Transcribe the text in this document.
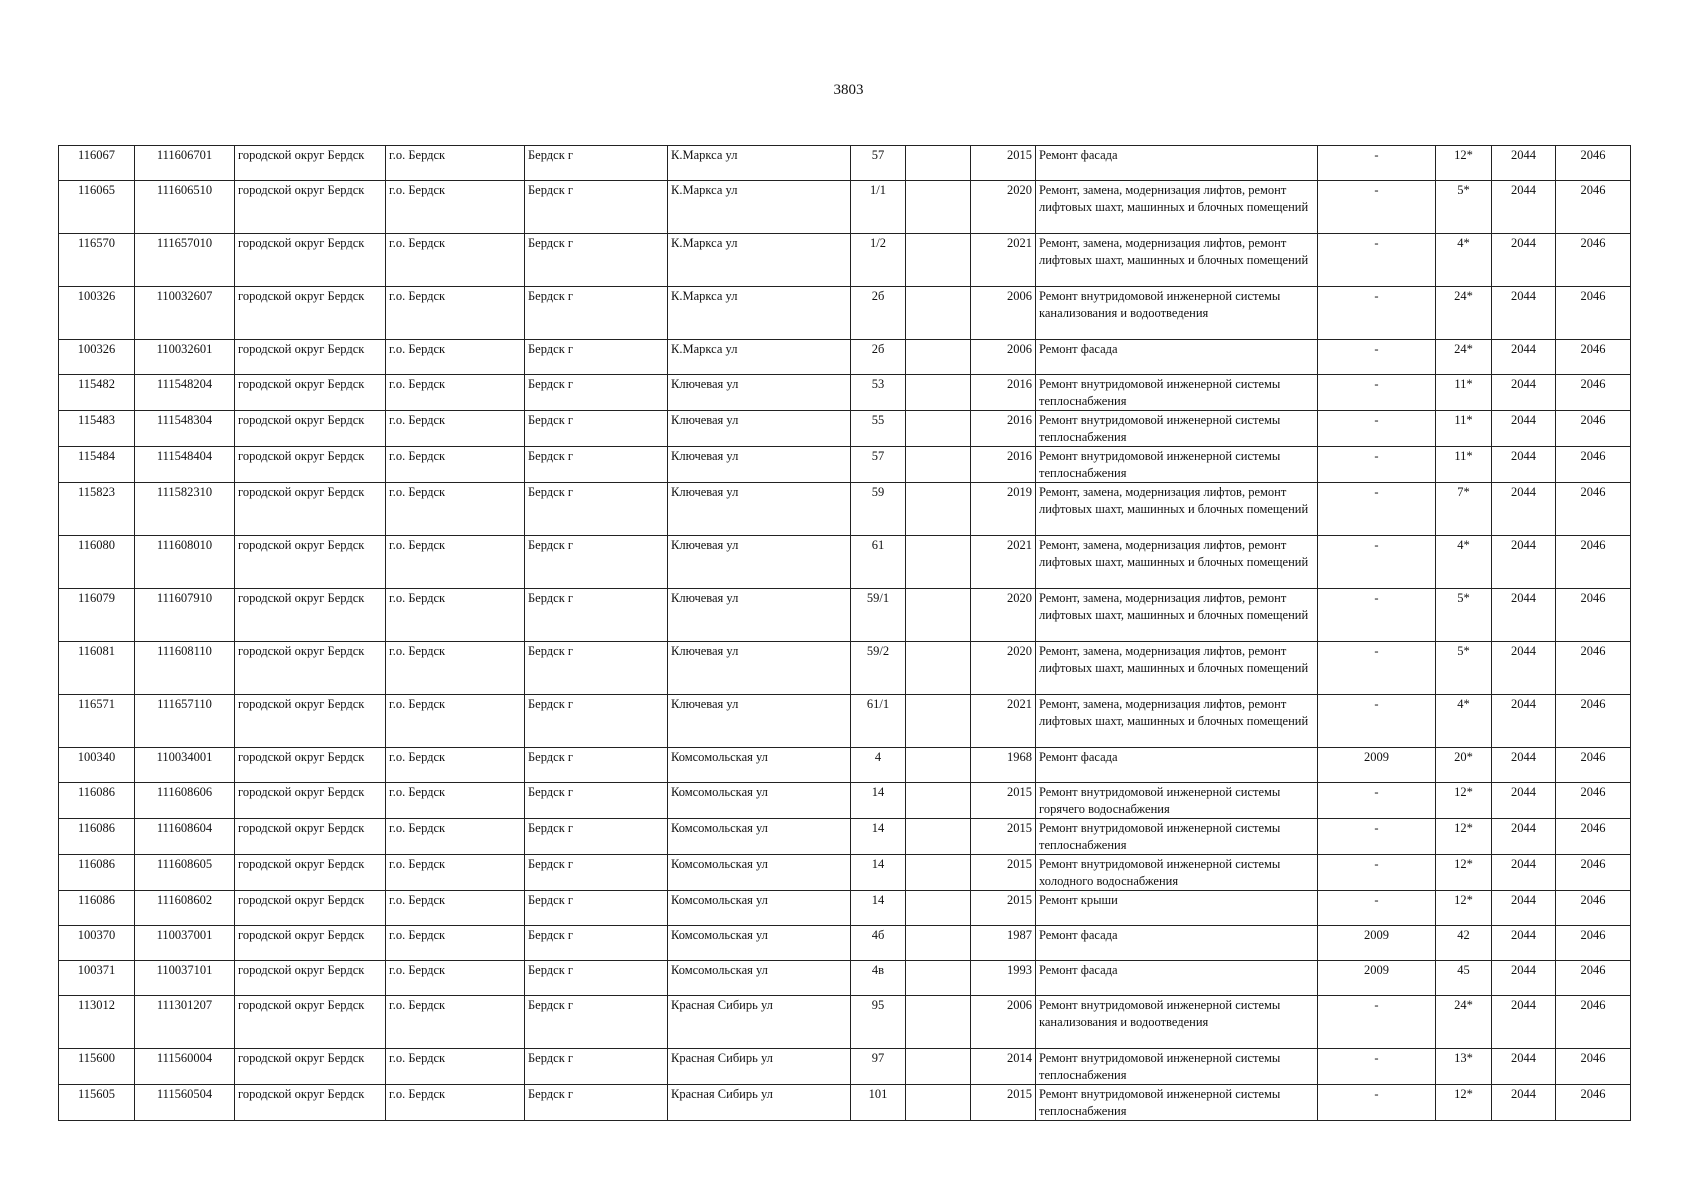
3803
116067	111606701	городской округ Бердск	г.о. Бердск	Бердск г	К.Маркса ул	57		2015	Ремонт фасада	-	12*	2044	2046
116065	111606510	городской округ Бердск	г.о. Бердск	Бердск г	К.Маркса ул	1/1		2020	Ремонт, замена, модернизация лифтов, ремонт лифтовых шахт, машинных и блочных помещений	-	5*	2044	2046
116570	111657010	городской округ Бердск	г.о. Бердск	Бердск г	К.Маркса ул	1/2		2021	Ремонт, замена, модернизация лифтов, ремонт лифтовых шахт, машинных и блочных помещений	-	4*	2044	2046
100326	110032607	городской округ Бердск	г.о. Бердск	Бердск г	К.Маркса ул	2б		2006	Ремонт внутридомовой инженерной системы канализования и водоотведения	-	24*	2044	2046
100326	110032601	городской округ Бердск	г.о. Бердск	Бердск г	К.Маркса ул	2б		2006	Ремонт фасада	-	24*	2044	2046
115482	111548204	городской округ Бердск	г.о. Бердск	Бердск г	Ключевая ул	53		2016	Ремонт внутридомовой инженерной системы теплоснабжения	-	11*	2044	2046
115483	111548304	городской округ Бердск	г.о. Бердск	Бердск г	Ключевая ул	55		2016	Ремонт внутридомовой инженерной системы теплоснабжения	-	11*	2044	2046
115484	111548404	городской округ Бердск	г.о. Бердск	Бердск г	Ключевая ул	57		2016	Ремонт внутридомовой инженерной системы теплоснабжения	-	11*	2044	2046
115823	111582310	городской округ Бердск	г.о. Бердск	Бердск г	Ключевая ул	59		2019	Ремонт, замена, модернизация лифтов, ремонт лифтовых шахт, машинных и блочных помещений	-	7*	2044	2046
116080	111608010	городской округ Бердск	г.о. Бердск	Бердск г	Ключевая ул	61		2021	Ремонт, замена, модернизация лифтов, ремонт лифтовых шахт, машинных и блочных помещений	-	4*	2044	2046
116079	111607910	городской округ Бердск	г.о. Бердск	Бердск г	Ключевая ул	59/1		2020	Ремонт, замена, модернизация лифтов, ремонт лифтовых шахт, машинных и блочных помещений	-	5*	2044	2046
116081	111608110	городской округ Бердск	г.о. Бердск	Бердск г	Ключевая ул	59/2		2020	Ремонт, замена, модернизация лифтов, ремонт лифтовых шахт, машинных и блочных помещений	-	5*	2044	2046
116571	111657110	городской округ Бердск	г.о. Бердск	Бердск г	Ключевая ул	61/1		2021	Ремонт, замена, модернизация лифтов, ремонт лифтовых шахт, машинных и блочных помещений	-	4*	2044	2046
100340	110034001	городской округ Бердск	г.о. Бердск	Бердск г	Комсомольская ул	4		1968	Ремонт фасада	2009	20*	2044	2046
116086	111608606	городской округ Бердск	г.о. Бердск	Бердск г	Комсомольская ул	14		2015	Ремонт внутридомовой инженерной системы горячего водоснабжения	-	12*	2044	2046
116086	111608604	городской округ Бердск	г.о. Бердск	Бердск г	Комсомольская ул	14		2015	Ремонт внутридомовой инженерной системы теплоснабжения	-	12*	2044	2046
116086	111608605	городской округ Бердск	г.о. Бердск	Бердск г	Комсомольская ул	14		2015	Ремонт внутридомовой инженерной системы холодного водоснабжения	-	12*	2044	2046
116086	111608602	городской округ Бердск	г.о. Бердск	Бердск г	Комсомольская ул	14		2015	Ремонт крыши	-	12*	2044	2046
100370	110037001	городской округ Бердск	г.о. Бердск	Бердск г	Комсомольская ул	4б		1987	Ремонт фасада	2009	42	2044	2046
100371	110037101	городской округ Бердск	г.о. Бердск	Бердск г	Комсомольская ул	4в		1993	Ремонт фасада	2009	45	2044	2046
113012	111301207	городской округ Бердск	г.о. Бердск	Бердск г	Красная Сибирь ул	95		2006	Ремонт внутридомовой инженерной системы канализования и водоотведения	-	24*	2044	2046
115600	111560004	городской округ Бердск	г.о. Бердск	Бердск г	Красная Сибирь ул	97		2014	Ремонт внутридомовой инженерной системы теплоснабжения	-	13*	2044	2046
115605	111560504	городской округ Бердск	г.о. Бердск	Бердск г	Красная Сибирь ул	101		2015	Ремонт внутридомовой инженерной системы теплоснабжения	-	12*	2044	2046
